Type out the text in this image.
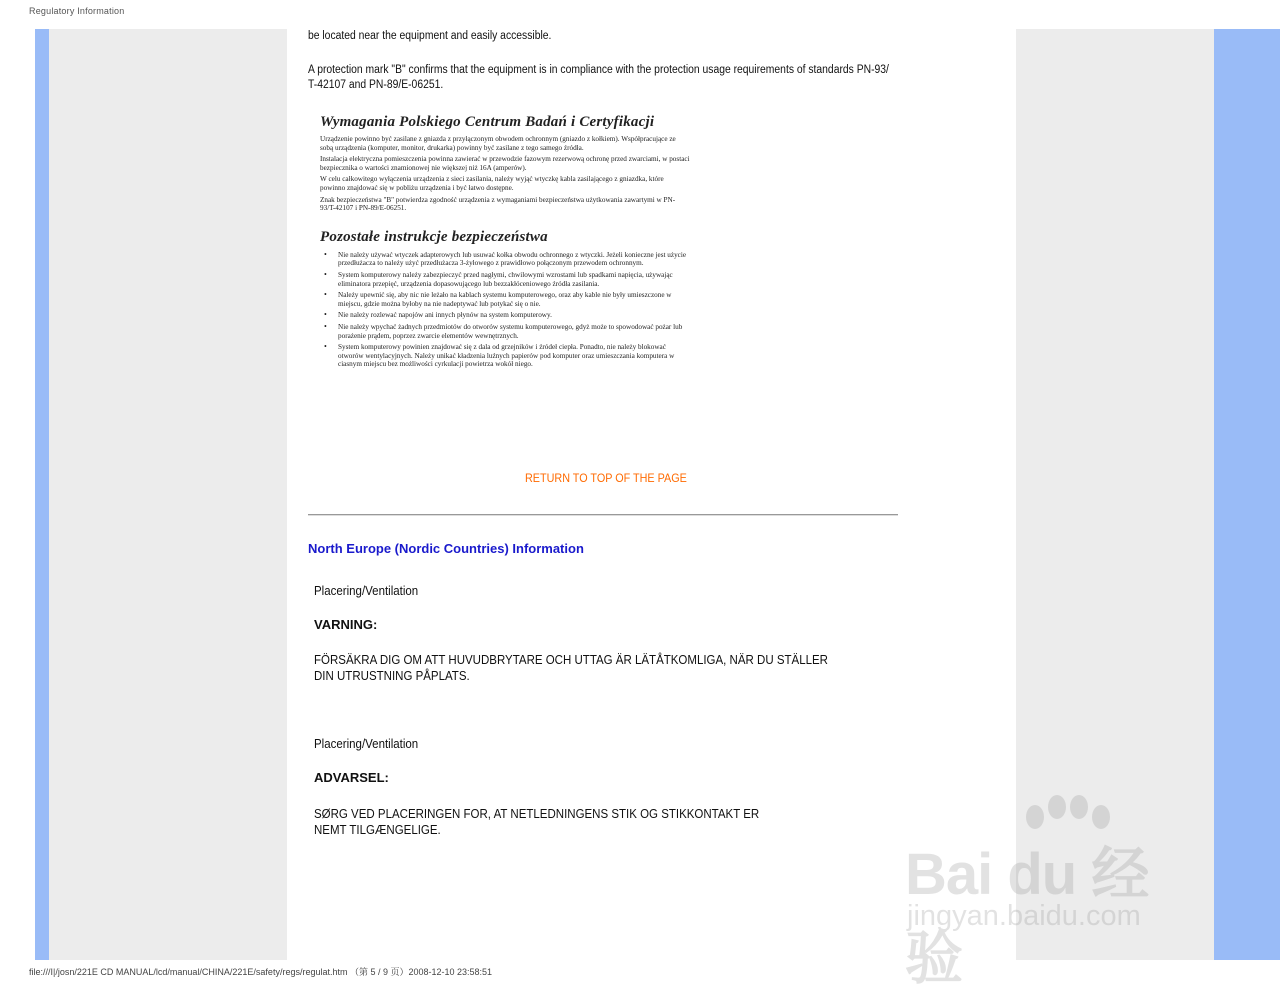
Regulatory Information
be located near the equipment and easily accessible.
A protection mark "B" confirms that the equipment is in compliance with the protection usage requirements of standards PN-93/ T-42107 and PN-89/E-06251.
Wymagania Polskiego Centrum Badań i Certyfikacji

Urządzenie powinno być zasilane z gniazda z przyłączonym obwodem ochronnym (gniazdo z kołkiem). Współpracujące ze sobą urządzenia (komputer, monitor, drukarka) powinny być zasilane z tego samego źródła.

Instalacja elektryczna pomieszczenia powinna zawierać w przewodzie fazowym rezerwową ochronę przed zwarciami, w postaci bezpiecznika o wartości znamionowej nie większej niż 16A (amperów).

W celu całkowitego wyłączenia urządzenia z sieci zasilania, należy wyjąć wtyczkę kabla zasilającego z gniazdka, które powinno znajdować się w pobliżu urządzenia i być łatwo dostępne.

Znak bezpieczeństwa "B" potwierdza zgodność urządzenia z wymaganiami bezpieczeństwa użytkowania zawartymi w PN-93/T-42107 i PN-89/E-06251.

Pozostałe instrukcje bezpieczeństwa
• Nie należy używać wtyczek adapterowych lub usuwać kołka obwodu ochronnego z wtyczki. Jeżeli konieczne jest użycie przedłużacza to należy użyć przedłużacza 3-żyłowego z prawidłowo połączonym przewodem ochronnym.
• System komputerowy należy zabezpieczyć przed nagłymi, chwilowymi wzrostami lub spadkami napięcia, używając eliminatora przepięć, urządzenia dopasowującego lub bezzakłóceniowego źródła zasilania.
• Należy upewnić się, aby nic nie leżało na kablach systemu komputerowego, oraz aby kable nie były umieszczone w miejscu, gdzie można byłoby na nie nadeptywać lub potykać się o nie.
• Nie należy rozlewać napojów ani innych płynów na system komputerowy.
• Nie należy wpychać żadnych przedmiotów do otworów systemu komputerowego, gdyż może to spowodować pożar lub porażenie prądem, poprzez zwarcie elementów wewnętrznych.
• System komputerowy powinien znajdować się z dala od grzejników i źródeł ciepła. Ponadto, nie należy blokować otworów wentylacyjnych. Należy unikać kładzenia luźnych papierów pod komputer oraz umieszczania komputera w ciasnym miejscu bez możliwości cyrkulacji powietrza wokół niego.
RETURN TO TOP OF THE PAGE
North Europe (Nordic Countries) Information
Placering/Ventilation
VARNING:
FÖRSÄKRA DIG OM ATT HUVUDBRYTARE OCH UTTAG ÄR LÄTÅTKOMLIGA, NÄR DU STÄLLER DIN UTRUSTNING PÅPLATS.
Placering/Ventilation
ADVARSEL:
SØRG VED PLACERINGEN FOR, AT NETLEDNINGENS STIK OG STIKKONTAKT ER NEMT TILGÆNGELIGE.
Bai du 经验
jingyan.baidu.com
file:///I|/josn/221E CD MANUAL/lcd/manual/CHINA/221E/safety/regs/regulat.htm （第 5 / 9 页）2008-12-10 23:58:51
